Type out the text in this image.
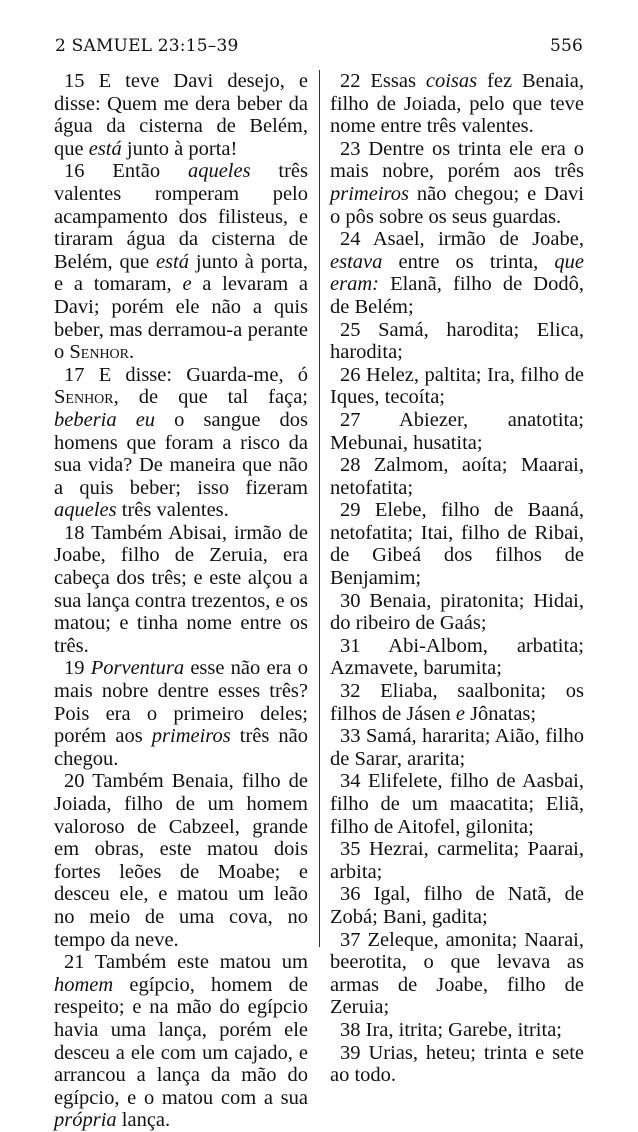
2 SAMUEL 23:15–39	556

15 E teve Davi desejo, e disse: Quem me dera beber da água da cisterna de Belém, que está junto à porta!

16 Então aqueles três valentes romperam pelo acampamento dos filisteus, e tiraram água da cisterna de Belém, que está junto à porta, e a tomaram, e a levaram a Davi; porém ele não a quis beber, mas derramou-a perante o Senhor.

17 E disse: Guarda-me, ó Senhor, de que tal faça; beberia eu o sangue dos homens que foram a risco da sua vida? De maneira que não a quis beber; isso fizeram aqueles três valentes.

18 Também Abisai, irmão de Joabe, filho de Zeruia, era cabeça dos três; e este alçou a sua lança contra trezentos, e os matou; e tinha nome entre os três.

19 Porventura esse não era o mais nobre dentre esses três? Pois era o primeiro deles; porém aos primeiros três não chegou.

20 Também Benaia, filho de Joiada, filho de um homem valoroso de Cabzeel, grande em obras, este matou dois fortes leões de Moabe; e desceu ele, e matou um leão no meio de uma cova, no tempo da neve.

21 Também este matou um homem egípcio, homem de respeito; e na mão do egípcio havia uma lança, porém ele desceu a ele com um cajado, e arrancou a lança da mão do egípcio, e o matou com a sua própria lança.

22 Essas coisas fez Benaia, filho de Joiada, pelo que teve nome entre três valentes.

23 Dentre os trinta ele era o mais nobre, porém aos três primeiros não chegou; e Davi o pôs sobre os seus guardas.

24 Asael, irmão de Joabe, estava entre os trinta, que eram: Elanã, filho de Dodô, de Belém;

25 Samá, harodita; Elica, harodita;

26 Helez, paltita; Ira, filho de Iques, tecoíta;

27 Abiezer, anatotita; Mebunai, husatita;

28 Zalmom, aoíta; Maarai, netofatita;

29 Elebe, filho de Baaná, netofatita; Itai, filho de Ribai, de Gibeá dos filhos de Benjamim;

30 Benaia, piratonita; Hidai, do ribeiro de Gaás;

31 Abi-Albom, arbatita; Azmavete, barumita;

32 Eliaba, saalbonita; os filhos de Jásen e Jônatas;

33 Samá, hararita; Aião, filho de Sarar, ararita;

34 Elifelete, filho de Aasbai, filho de um maacatita; Eliã, filho de Aitofel, gilonita;

35 Hezrai, carmelita; Paarai, arbita;

36 Igal, filho de Natã, de Zobá; Bani, gadita;

37 Zeleque, amonita; Naarai, beerotita, o que levava as armas de Joabe, filho de Zeruia;

38 Ira, itrita; Garebe, itrita;

39 Urias, heteu; trinta e sete ao todo.
